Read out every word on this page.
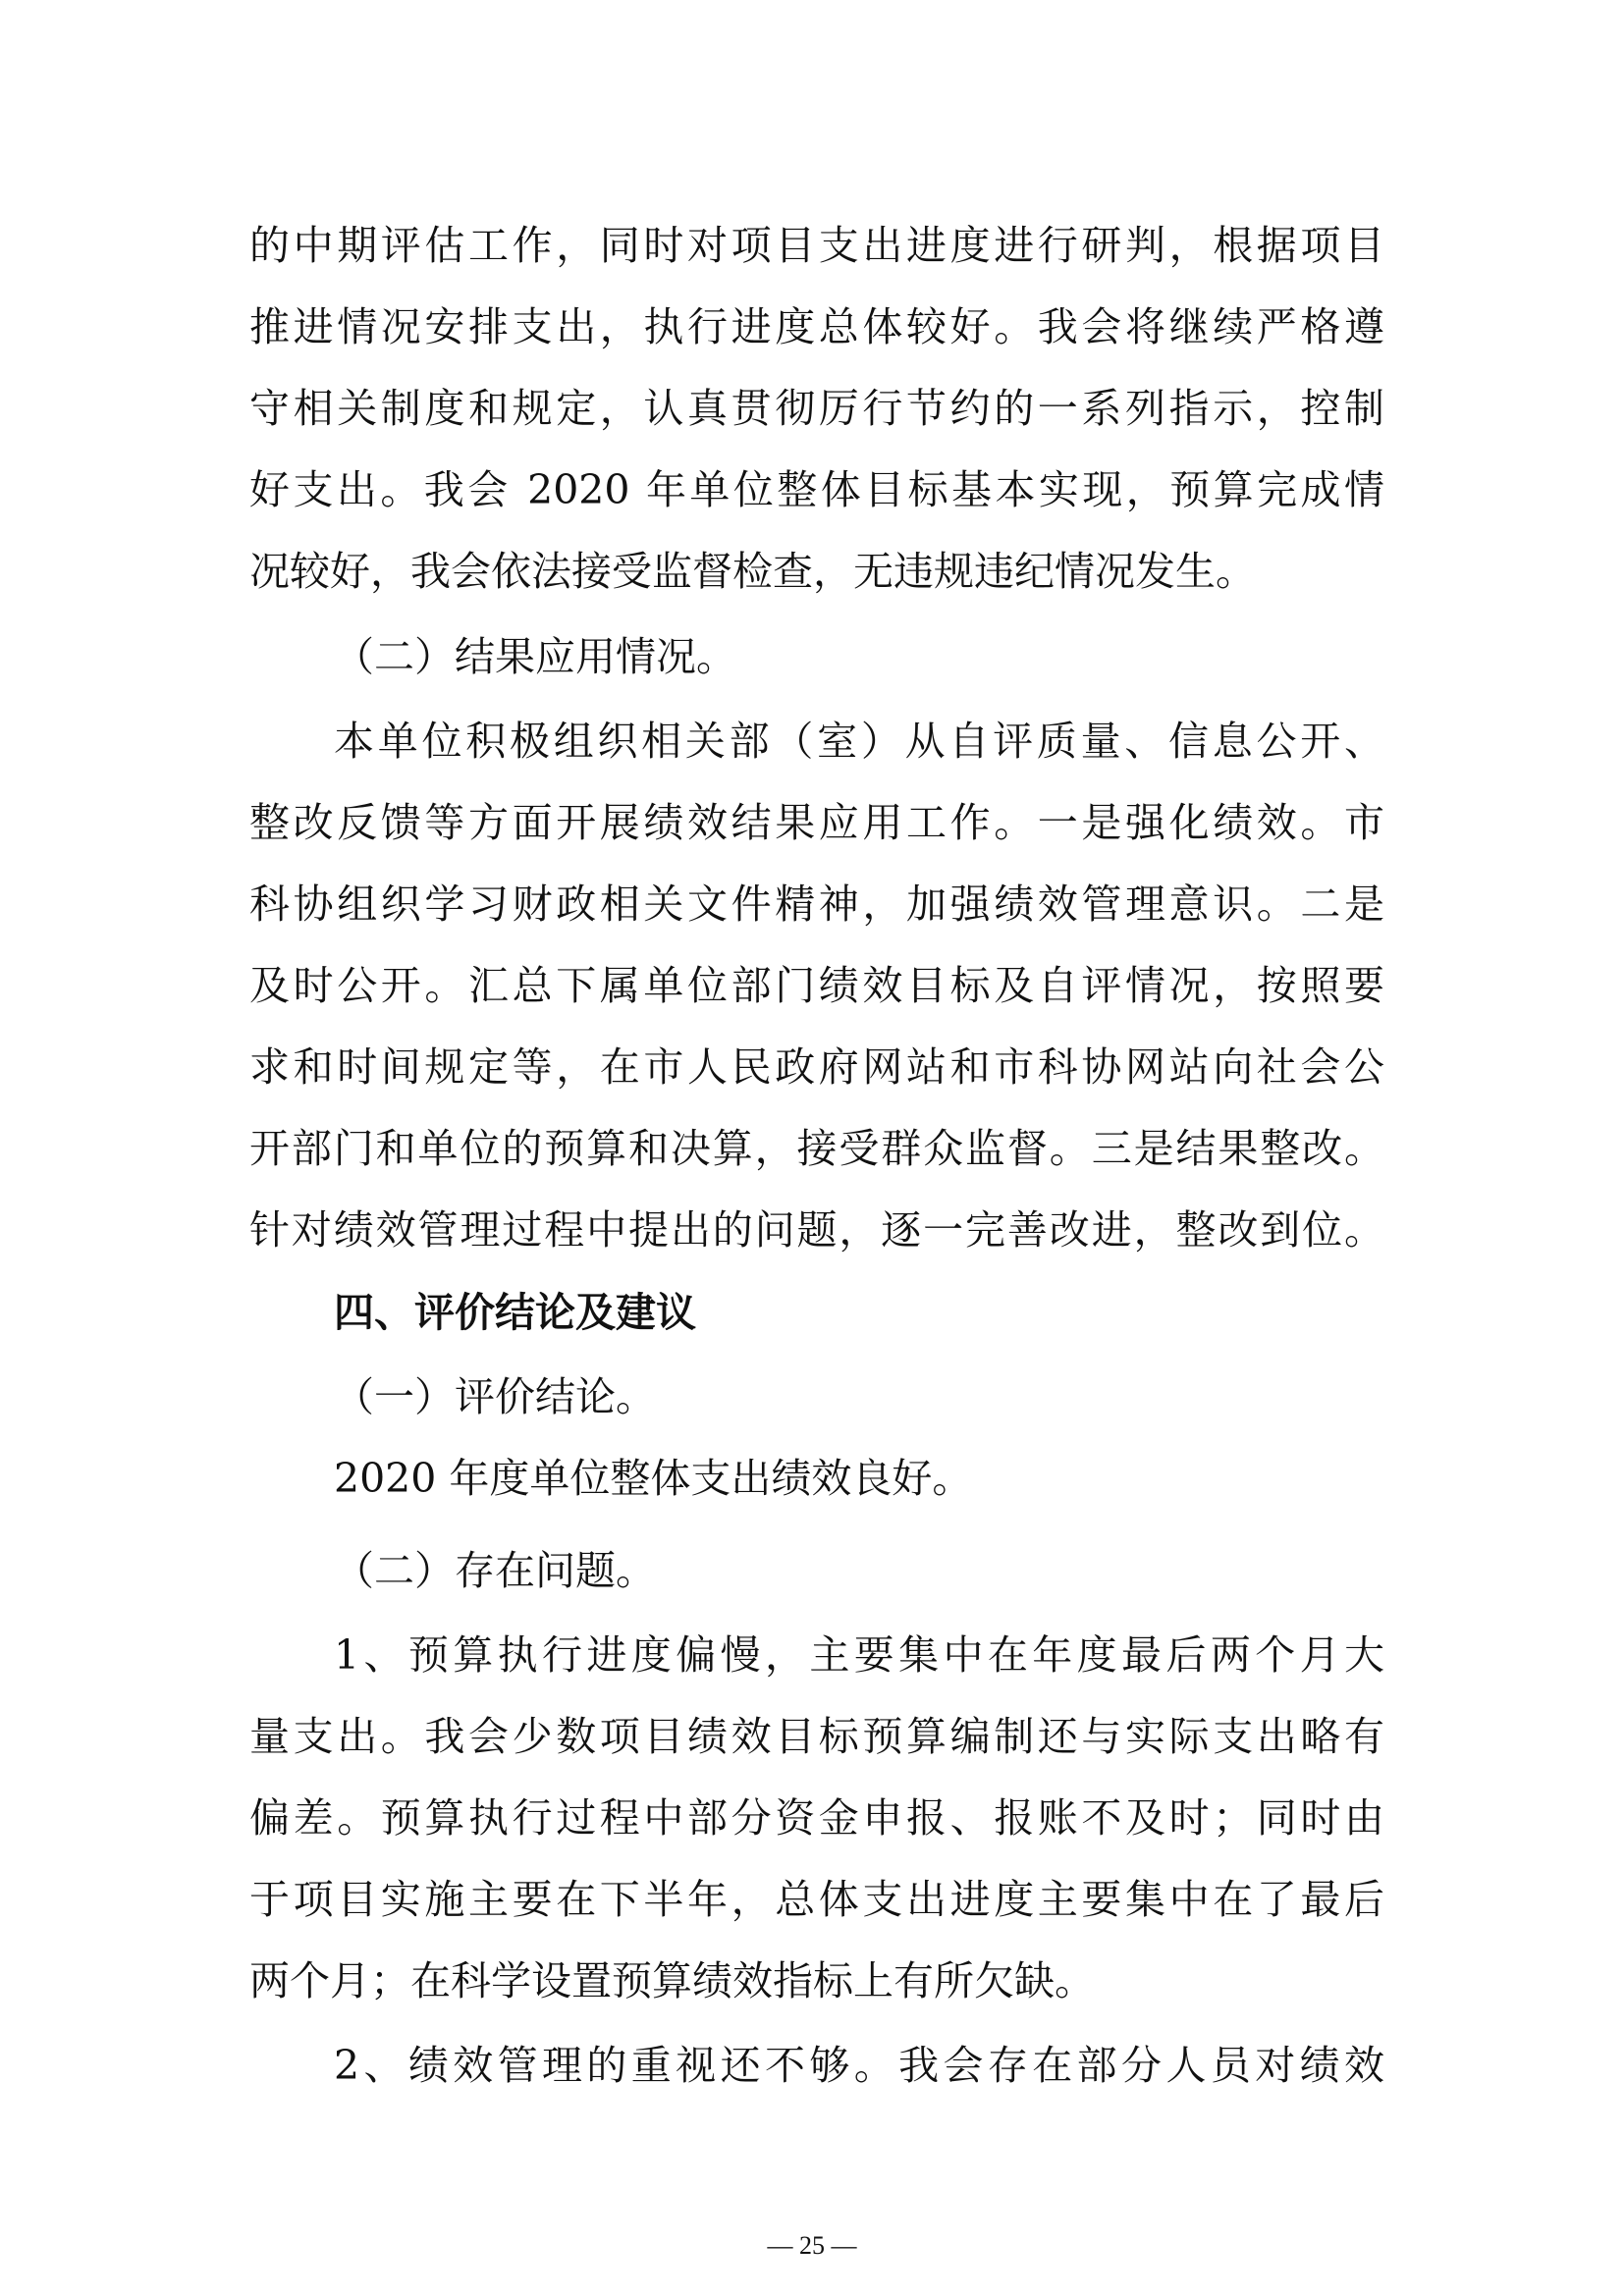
的中期评估工作，同时对项目支出进度进行研判，根据项目
推进情况安排支出，执行进度总体较好。我会将继续严格遵
守相关制度和规定，认真贯彻厉行节约的一系列指示，控制
好支出。我会 2020 年单位整体目标基本实现，预算完成情
况较好，我会依法接受监督检查，无违规违纪情况发生。
（二）结果应用情况。
本单位积极组织相关部（室）从自评质量、信息公开、
整改反馈等方面开展绩效结果应用工作。一是强化绩效。市
科协组织学习财政相关文件精神，加强绩效管理意识。二是
及时公开。汇总下属单位部门绩效目标及自评情况，按照要
求和时间规定等，在市人民政府网站和市科协网站向社会公
开部门和单位的预算和决算，接受群众监督。三是结果整改。
针对绩效管理过程中提出的问题，逐一完善改进，整改到位。
四、评价结论及建议
（一）评价结论。
2020 年度单位整体支出绩效良好。
（二）存在问题。
1、预算执行进度偏慢，主要集中在年度最后两个月大
量支出。我会少数项目绩效目标预算编制还与实际支出略有
偏差。预算执行过程中部分资金申报、报账不及时；同时由
于项目实施主要在下半年，总体支出进度主要集中在了最后
两个月；在科学设置预算绩效指标上有所欠缺。
2、绩效管理的重视还不够。我会存在部分人员对绩效
— 25 —
